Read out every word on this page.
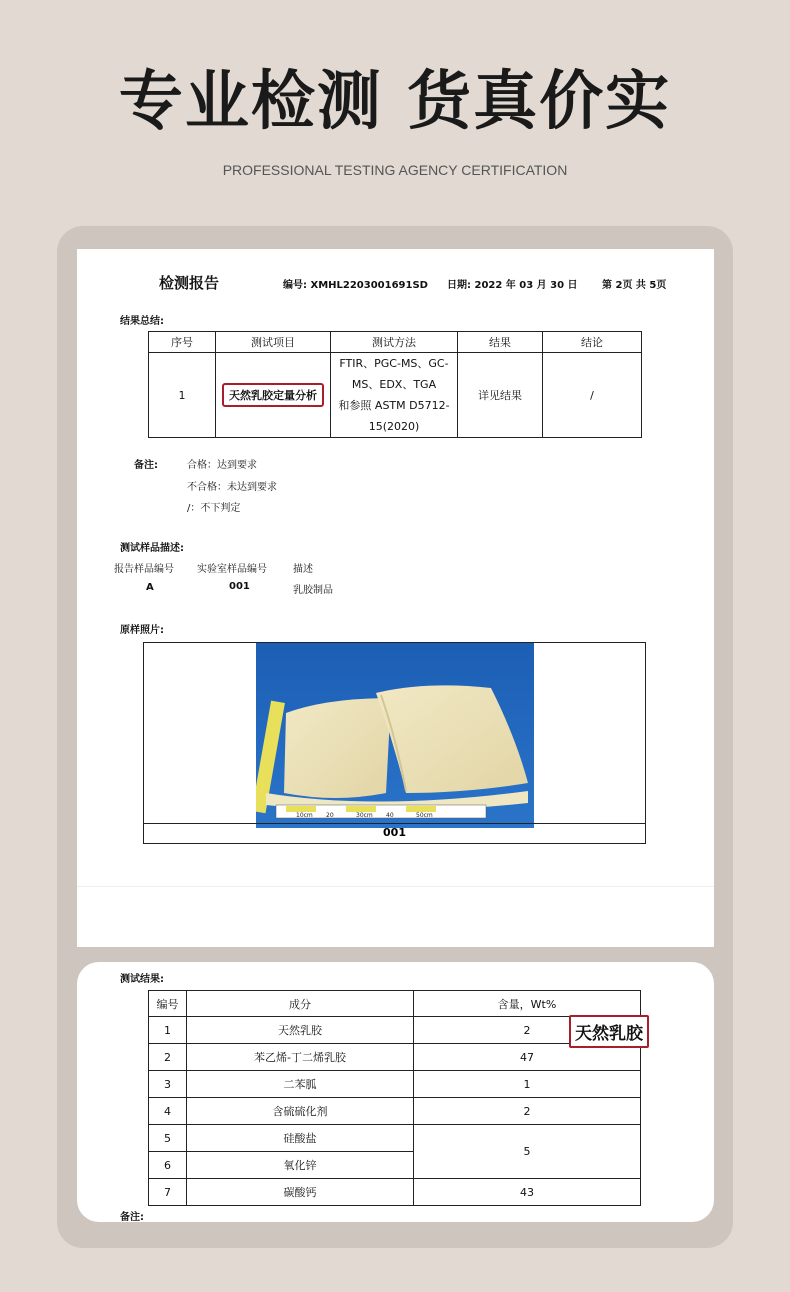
专业检测 货真价实
PROFESSIONAL TESTING AGENCY CERTIFICATION
检测报告	编号: XMHL2203001691SD 日期: 2022 年 03 月 30 日 第 2页 共 5页
结果总结:
序号	测试项目	测试方法	结果	结论
1	天然乳胶定量分析	FTIR、PGC-MS、GC-
MS、EDX、TGA
和参照 ASTM D5712-
15(2020)	详见结果	/
备注:	合格：达到要求
不合格：未达到要求
/：不下判定
测试样品描述:
报告样品编号 实验室样品编号	描述
A	001	乳胶制品
原样照片:
10cm 20	30cm 40	50cm
001
测试结果:
编号	成分	含量，Wt%
1	天然乳胶	2
2	苯乙烯-丁二烯乳胶	47
3	二苯胍	1
4	含硫硫化剂	2
5	硅酸盐	5
6	氧化锌	
7	碳酸钙	43
备注:
天然乳胶
